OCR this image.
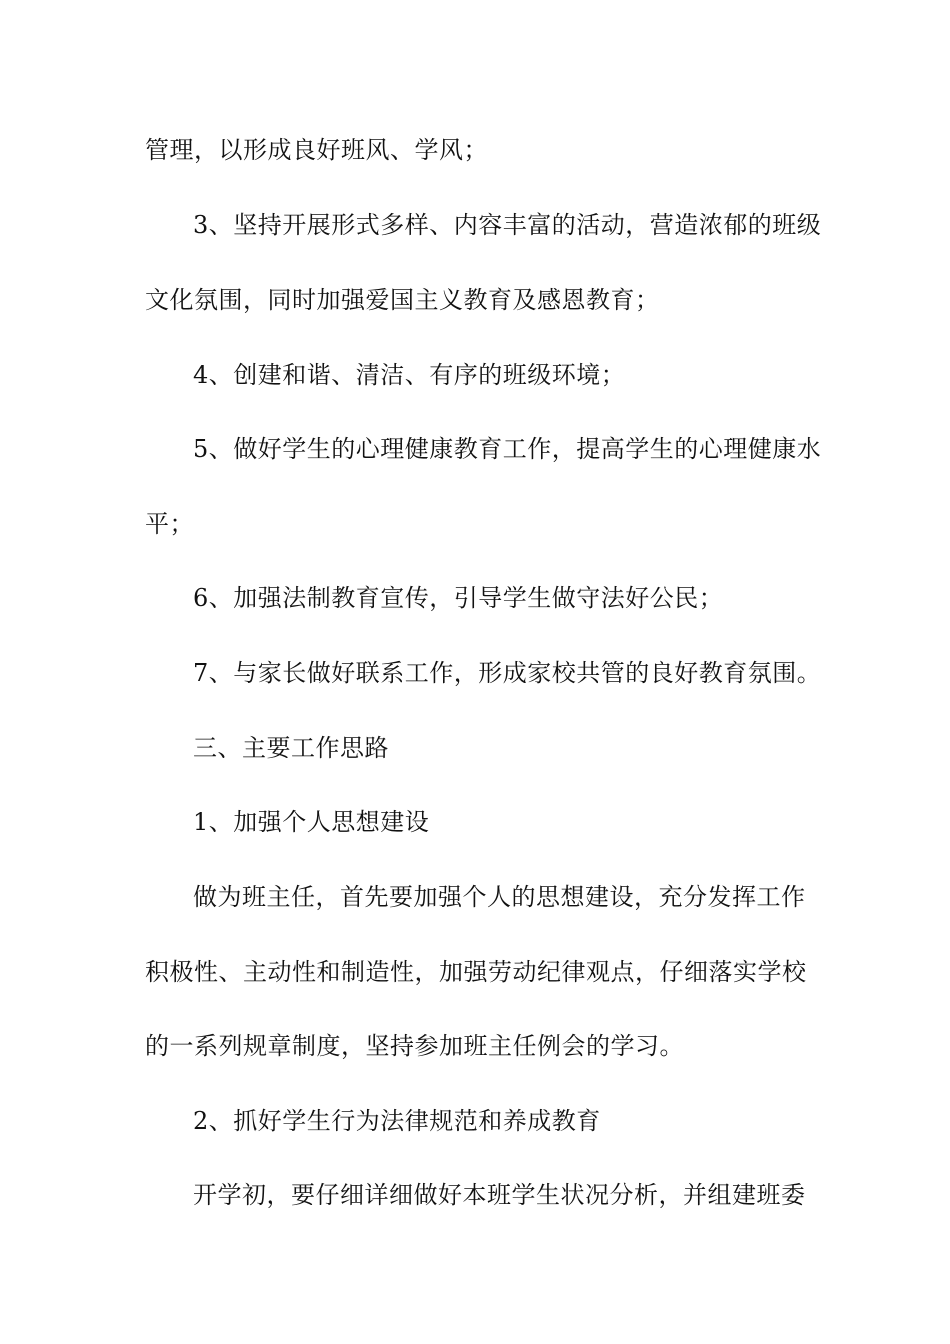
管理，以形成良好班风、学风；
3、坚持开展形式多样、内容丰富的活动，营造浓郁的班级
文化氛围，同时加强爱国主义教育及感恩教育；
4、创建和谐、清洁、有序的班级环境；
5、做好学生的心理健康教育工作，提高学生的心理健康水
平；
6、加强法制教育宣传，引导学生做守法好公民；
7、与家长做好联系工作，形成家校共管的良好教育氛围。
三、主要工作思路
1、加强个人思想建设
做为班主任，首先要加强个人的思想建设，充分发挥工作
积极性、主动性和制造性，加强劳动纪律观点，仔细落实学校
的一系列规章制度，坚持参加班主任例会的学习。
2、抓好学生行为法律规范和养成教育
开学初，要仔细详细做好本班学生状况分析，并组建班委
